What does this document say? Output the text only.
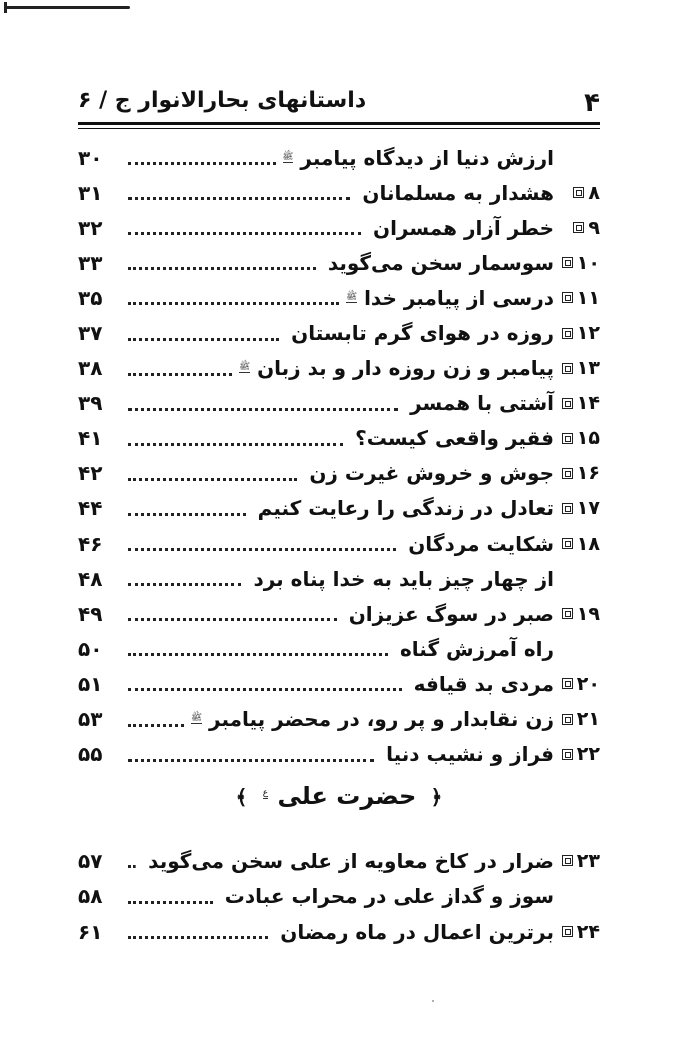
۴
داستانهای بحارالانوار ج / ۶
ارزش دنیا از دیدگاه پیامبر
ﷺ
۳۰
۸
هشدار به مسلمانان
۳۱
۹
خطر آزار همسران
۳۲
۱۰
سوسمار سخن می‌گوید
۳۳
۱۱
درسی از پیامبر خدا
ﷺ
۳۵
۱۲
روزه در هوای گرم تابستان
۳۷
۱۳
پیامبر و زن روزه دار و بد زبان
ﷺ
۳۸
۱۴
آشتی با همسر
۳۹
۱۵
فقیر واقعی کیست؟
۴۱
۱۶
جوش و خروش غیرت زن
۴۲
۱۷
تعادل در زندگی را رعایت کنیم
۴۴
۱۸
شکایت مردگان
۴۶
از چهار چیز باید به خدا پناه برد
۴۸
۱۹
صبر در سوگ عزیزان
۴۹
راه آمرزش گناه
۵۰
۲۰
مردی بد قیافه
۵۱
۲۱
زن نقابدار و پر رو، در محضر پیامبر
ﷺ
۵۳
۲۲
فراز و نشیب دنیا
۵۵
﴿ حضرت علی ع ﴾
۲۳
ضرار در کاخ معاویه از علی سخن می‌گوید
۵۷
سوز و گداز علی در محراب عبادت
۵۸
۲۴
برترین اعمال در ماه رمضان
۶۱
